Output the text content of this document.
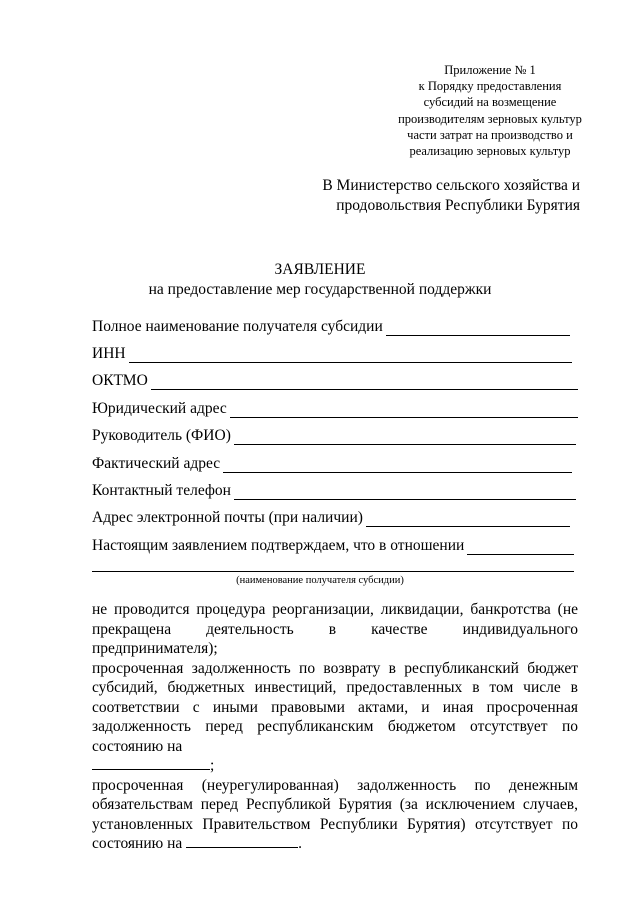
Приложение № 1
к Порядку предоставления
субсидий на возмещение
производителям зерновых культур
части затрат на производство и
реализацию зерновых культур
В Министерство сельского хозяйства и
продовольствия Республики Бурятия
ЗАЯВЛЕНИЕ
на предоставление мер государственной поддержки
Полное наименование получателя субсидии
ИНН
ОКТМО
Юридический адрес
Руководитель (ФИО)
Фактический адрес
Контактный телефон
Адрес электронной почты (при наличии)
Настоящим заявлением подтверждаем, что в отношении
(наименование получателя субсидии)

не проводится процедура реорганизации, ликвидации, банкротства (не прекращена деятельность в качестве индивидуального предпринимателя);

просроченная задолженность по возврату в республиканский бюджет субсидий, бюджетных инвестиций, предоставленных в том числе в соответствии с иными правовыми актами, и иная просроченная задолженность перед республиканским бюджетом отсутствует по состоянию на
;

просроченная (неурегулированная) задолженность по денежным обязательствам перед Республикой Бурятия (за исключением случаев, установленных Правительством Республики Бурятия) отсутствует по состоянию на	.
